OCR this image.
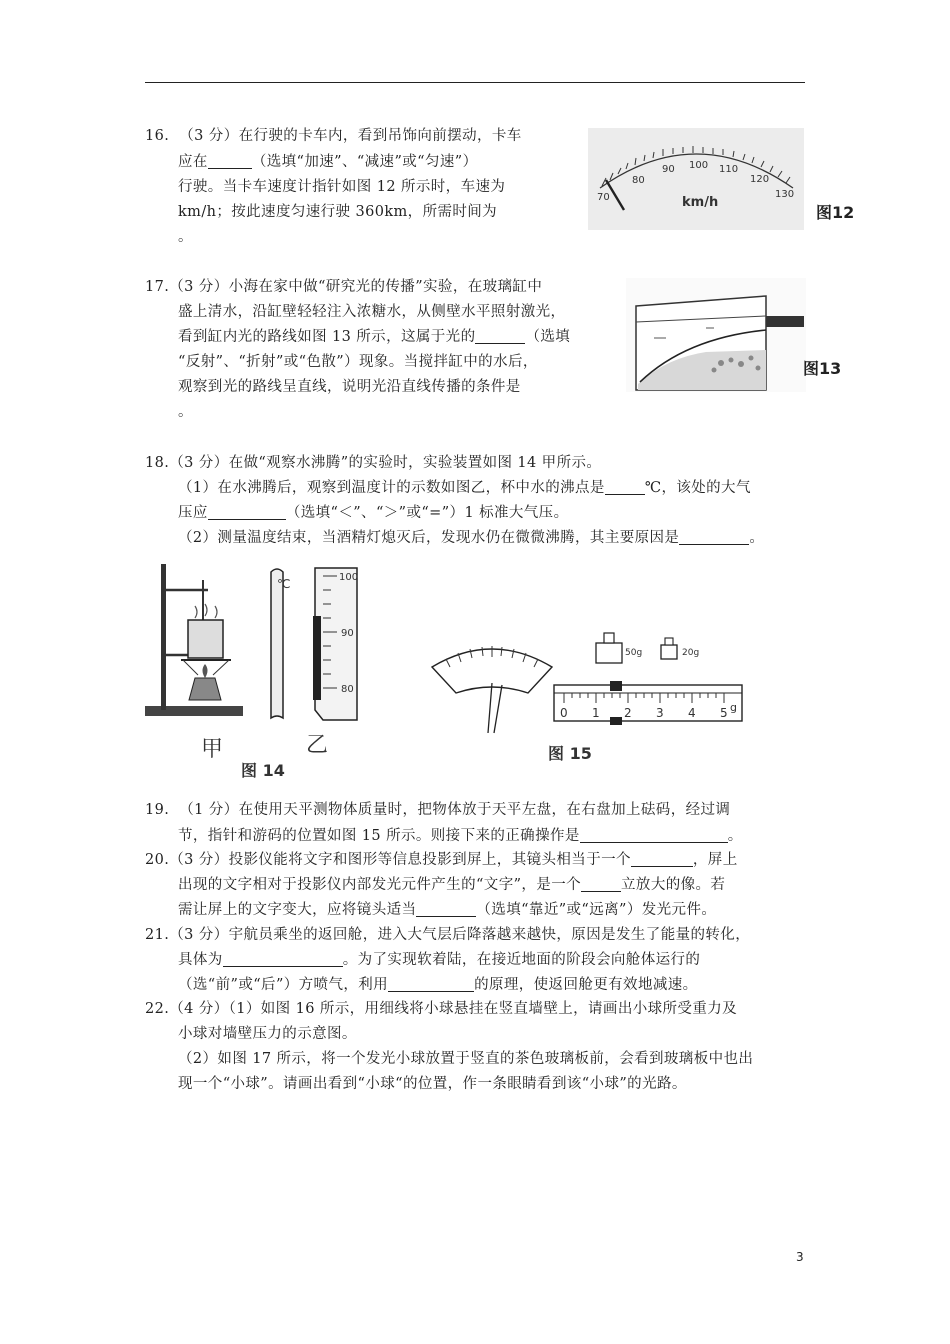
16.  （3 分）在行驶的卡车内，看到吊饰向前摆动，卡车
应在	（选填“加速”、“减速”或“匀速”）
行驶。当卡车速度计指针如图 12 所示时，车速为
km/h；按此速度匀速行驶 360km，所需时间为
。
70
80
90 100 110
120
130
km/h
图12
17.（3 分）小海在家中做“研究光的传播”实验，在玻璃缸中
盛上清水，沿缸壁轻轻注入浓糖水，从侧壁水平照射激光，
看到缸内光的路线如图 13 所示，这属于光的	（选填
“反射”、“折射”或“色散”）现象。当搅拌缸中的水后，
观察到光的路线呈直线，说明光沿直线传播的条件是
。
图13
18.（3 分）在做“观察水沸腾”的实验时，实验装置如图 14 甲所示。
（1）在水沸腾后，观察到温度计的示数如图乙，杯中水的沸点是	℃，该处的大气
压应	（选填“＜”、“＞”或“=”）1 标准大气压。
（2）测量温度结束，当酒精灯熄灭后，发现水仍在微微沸腾，其主要原因是	。
甲
℃	100
90
80
乙
图 14
50g	20g
0 1 2 3 4 5 g
图 15
19.  （1 分）在使用天平测物体质量时，把物体放于天平左盘，在右盘加上砝码，经过调
节，指针和游码的位置如图 15 所示。则接下来的正确操作是	。
20.（3 分）投影仪能将文字和图形等信息投影到屏上，其镜头相当于一个	，屏上
出现的文字相对于投影仪内部发光元件产生的“文字”，是一个	立放大的像。若
需让屏上的文字变大，应将镜头适当	（选填“靠近”或“远离”）发光元件。
21.（3 分）宇航员乘坐的返回舱，进入大气层后降落越来越快，原因是发生了能量的转化，
具体为	。为了实现软着陆，在接近地面的阶段会向舱体运行的
（选“前”或“后”）方喷气，利用	的原理，使返回舱更有效地减速。
22.（4 分）（1）如图 16 所示，用细线将小球悬挂在竖直墙壁上，请画出小球所受重力及
小球对墙壁压力的示意图。
（2）如图 17 所示，将一个发光小球放置于竖直的茶色玻璃板前，会看到玻璃板中也出
现一个“小球”。请画出看到“小球“的位置，作一条眼睛看到该“小球”的光路。
3
